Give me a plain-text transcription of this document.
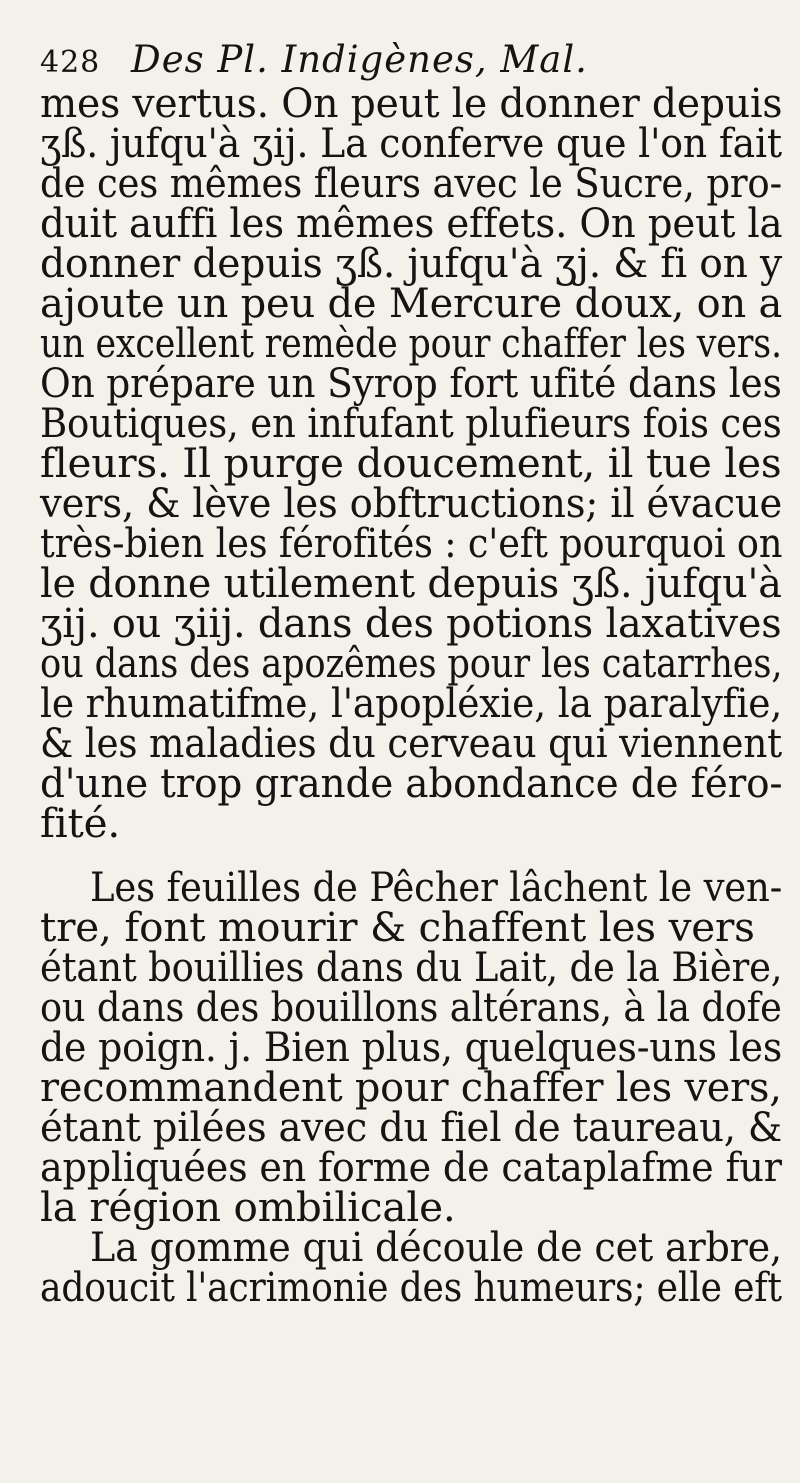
428 Des Pl. Indigènes, Mal.
mes vertus. On peut le donner depuis
ʒß. jufqu'à ʒij. La conferve que l'on fait
de ces mêmes fleurs avec le Sucre, pro-
duit auffi les mêmes effets. On peut la
donner depuis ʒß. jufqu'à ʒj. & fi on y
ajoute un peu de Mercure doux, on a
un excellent remède pour chaffer les vers.
On prépare un Syrop fort ufité dans les
Boutiques, en infufant plufieurs fois ces
fleurs. Il purge doucement, il tue les
vers, & lève les obftructions; il évacue
très-bien les férofités : c'eft pourquoi on
le donne utilement depuis ʒß. jufqu'à
ʒij. ou ʒiij. dans des potions laxatives
ou dans des apozêmes pour les catarrhes,
le rhumatifme, l'apopléxie, la paralyfie,
& les maladies du cerveau qui viennent
d'une trop grande abondance de féro-
fité.
Les feuilles de Pêcher lâchent le ven-
tre, font mourir & chaffent les vers
étant bouillies dans du Lait, de la Bière,
ou dans des bouillons altérans, à la dofe
de poign. j. Bien plus, quelques-uns les
recommandent pour chaffer les vers,
étant pilées avec du fiel de taureau, &
appliquées en forme de cataplafme fur
la région ombilicale.
La gomme qui découle de cet arbre,
adoucit l'acrimonie des humeurs; elle eft
